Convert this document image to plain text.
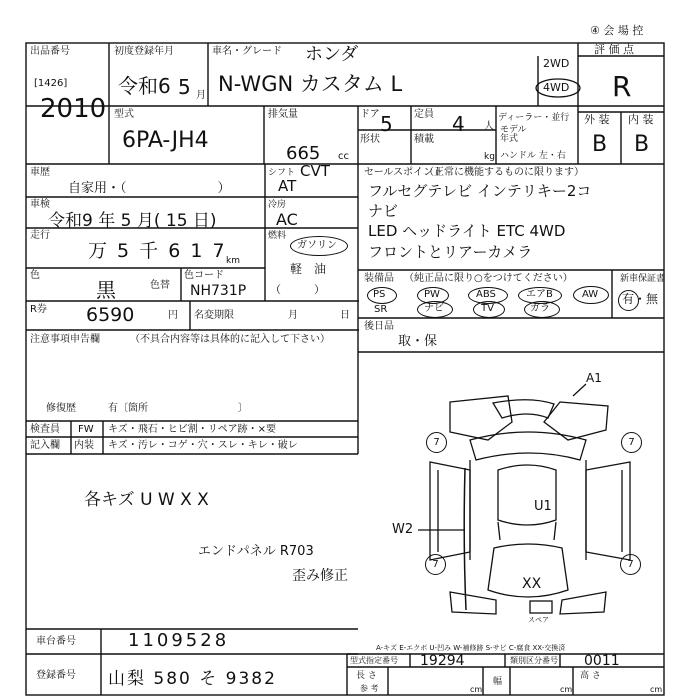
④ 会 場 控
出品番号
[1426]
2010
初度登録年月
令和6 5 月
車名・グレード ホンダ
N-WGN カスタム L
2WD
4WD
評 価 点
R
外 装 内 装
B B
型式
6PA-JH4
排気量
665 cc
ドア 5 定員 4 人
ディーラー・並行
モデル 年式
ハンドル 左・右
形状	積載
kg
車歴
自家用・（　　　　　　　）
シフト CVT
AT
車検
令和9 年 5 月( 15 日)
冷房
AC
燃料
ガソリン
軽　油
（　　　）
走行
万 5 千 6 1 7 km
色
黒	色替
色コード
NH731P
R券 6590	円 名変期限	月	日
注意事項申告欄	（不具合内容等は具体的に記入して下さい）
修復歴	有〔箇所　　　　　　　　　〕
検査員
記入欄
FW
内装
キズ・飛石・ヒビ割・リペア跡・×要
キズ・汚レ・コゲ・穴・スレ・キレ・破レ
セールスポイント
（正常に機能するものに限ります）
フルセグテレビ インテリキー2コ
ナビ
LED ヘッドライト ETC 4WD
フロントとリアーカメラ
装備品 （純正品に限り○をつけてください）	新車保証書
有・無
PS	PW	ABS	エアB	AW
SR	ナビ	TV	ガラ
後日品
取・保
各キズ U W X X
エンドパネル R703
歪み修正
A1
U1
W2
XX
7	7
7	7
スペア
車台番号	1109528
登録番号 山梨 580 そ 9382
A-キズ E-エクボ U-凹み W-補修跡 S-サビ C-腐食 XX-交換済
型式指定番号 19294	類別区分番号 0011
長 さ
参 考	cm
幅
cm
高 さ
cm
